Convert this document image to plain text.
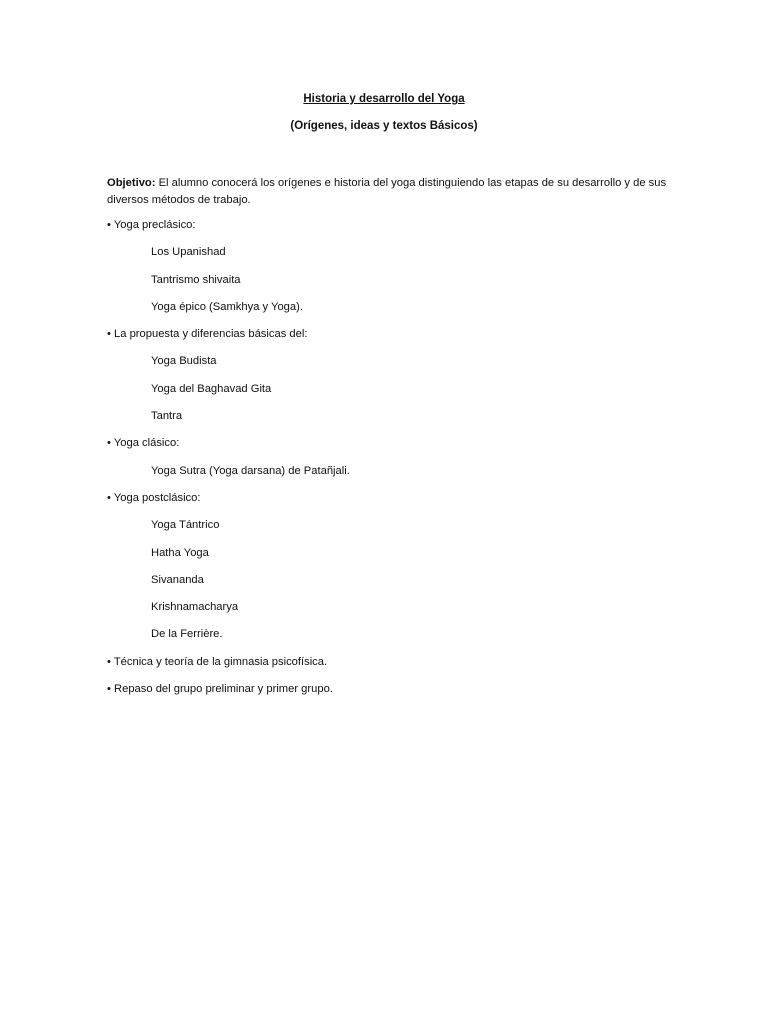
Historia y desarrollo del Yoga
(Orígenes, ideas y textos Básicos)
Objetivo: El alumno conocerá los orígenes e historia del yoga distinguiendo las etapas de su desarrollo y de sus diversos métodos de trabajo.
• Yoga preclásico:
Los Upanishad
Tantrismo shivaita
Yoga épico (Samkhya y Yoga).
• La propuesta y diferencias básicas del:
Yoga Budista
Yoga del Baghavad Gita
Tantra
• Yoga clásico:
Yoga Sutra (Yoga darsana) de Patañjali.
• Yoga postclásico:
Yoga Tántrico
Hatha Yoga
Sivananda
Krishnamacharya
De la Ferrière.
• Técnica y teoría de la gimnasia psicofísica.
• Repaso del grupo preliminar y primer grupo.
